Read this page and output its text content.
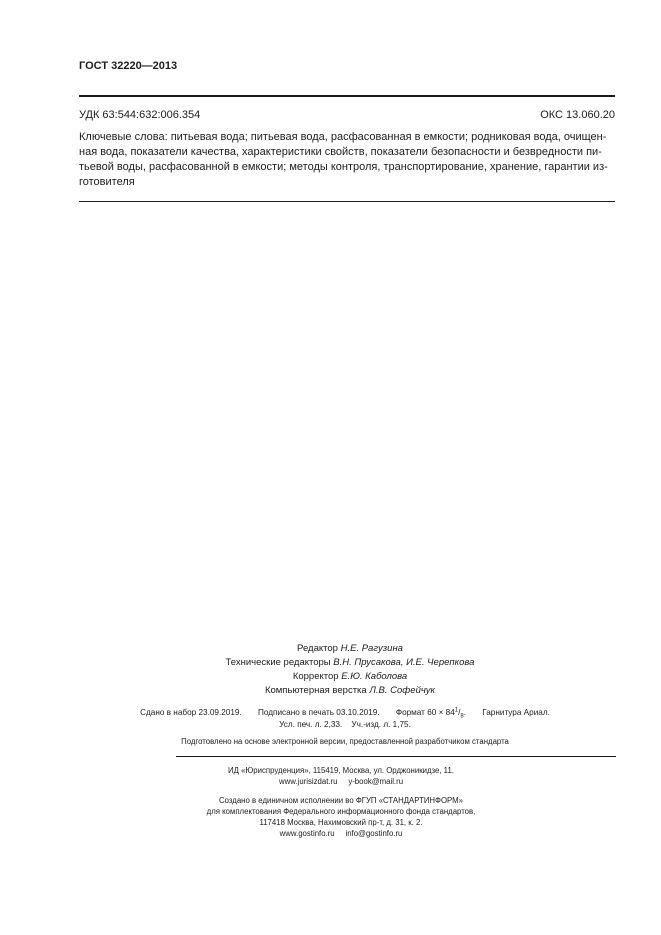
ГОСТ 32220—2013
УДК 63:544:632:006.354	ОКС 13.060.20
Ключевые слова: питьевая вода; питьевая вода, расфасованная в емкости; родниковая вода, очищен-
ная вода, показатели качества, характеристики свойств, показатели безопасности и безвредности пи-
тьевой воды, расфасованной в емкости; методы контроля, транспортирование, хранение, гарантии из-
готовителя
Редактор Н.Е. Рагузина
Технические редакторы В.Н. Прусакова, И.Е. Черепкова
Корректор Е.Ю. Каболова
Компьютерная верстка Л.В. Софейчук
Сдано в набор 23.09.2019. Подписано в печать 03.10.2019. Формат $60 \times 84^1/_8$. Гарнитура Ариал.
Усл. печ. л. 2,33. Уч.-изд. л. 1,75.
Подготовлено на основе электронной версии, предоставленной разработчиком стандарта
ИД «Юриспруденция», 115419, Москва, ул. Орджоникидзе, 11.
www.jurisizdat.ru y-book@mail.ru
Создано в единичном исполнении во ФГУП «СТАНДАРТИНФОРМ»
для комплектования Федерального информационного фонда стандартов,
117418 Москва, Нахимовский пр-т, д. 31, к. 2.
www.gostinfo.ru info@gostinfo.ru
